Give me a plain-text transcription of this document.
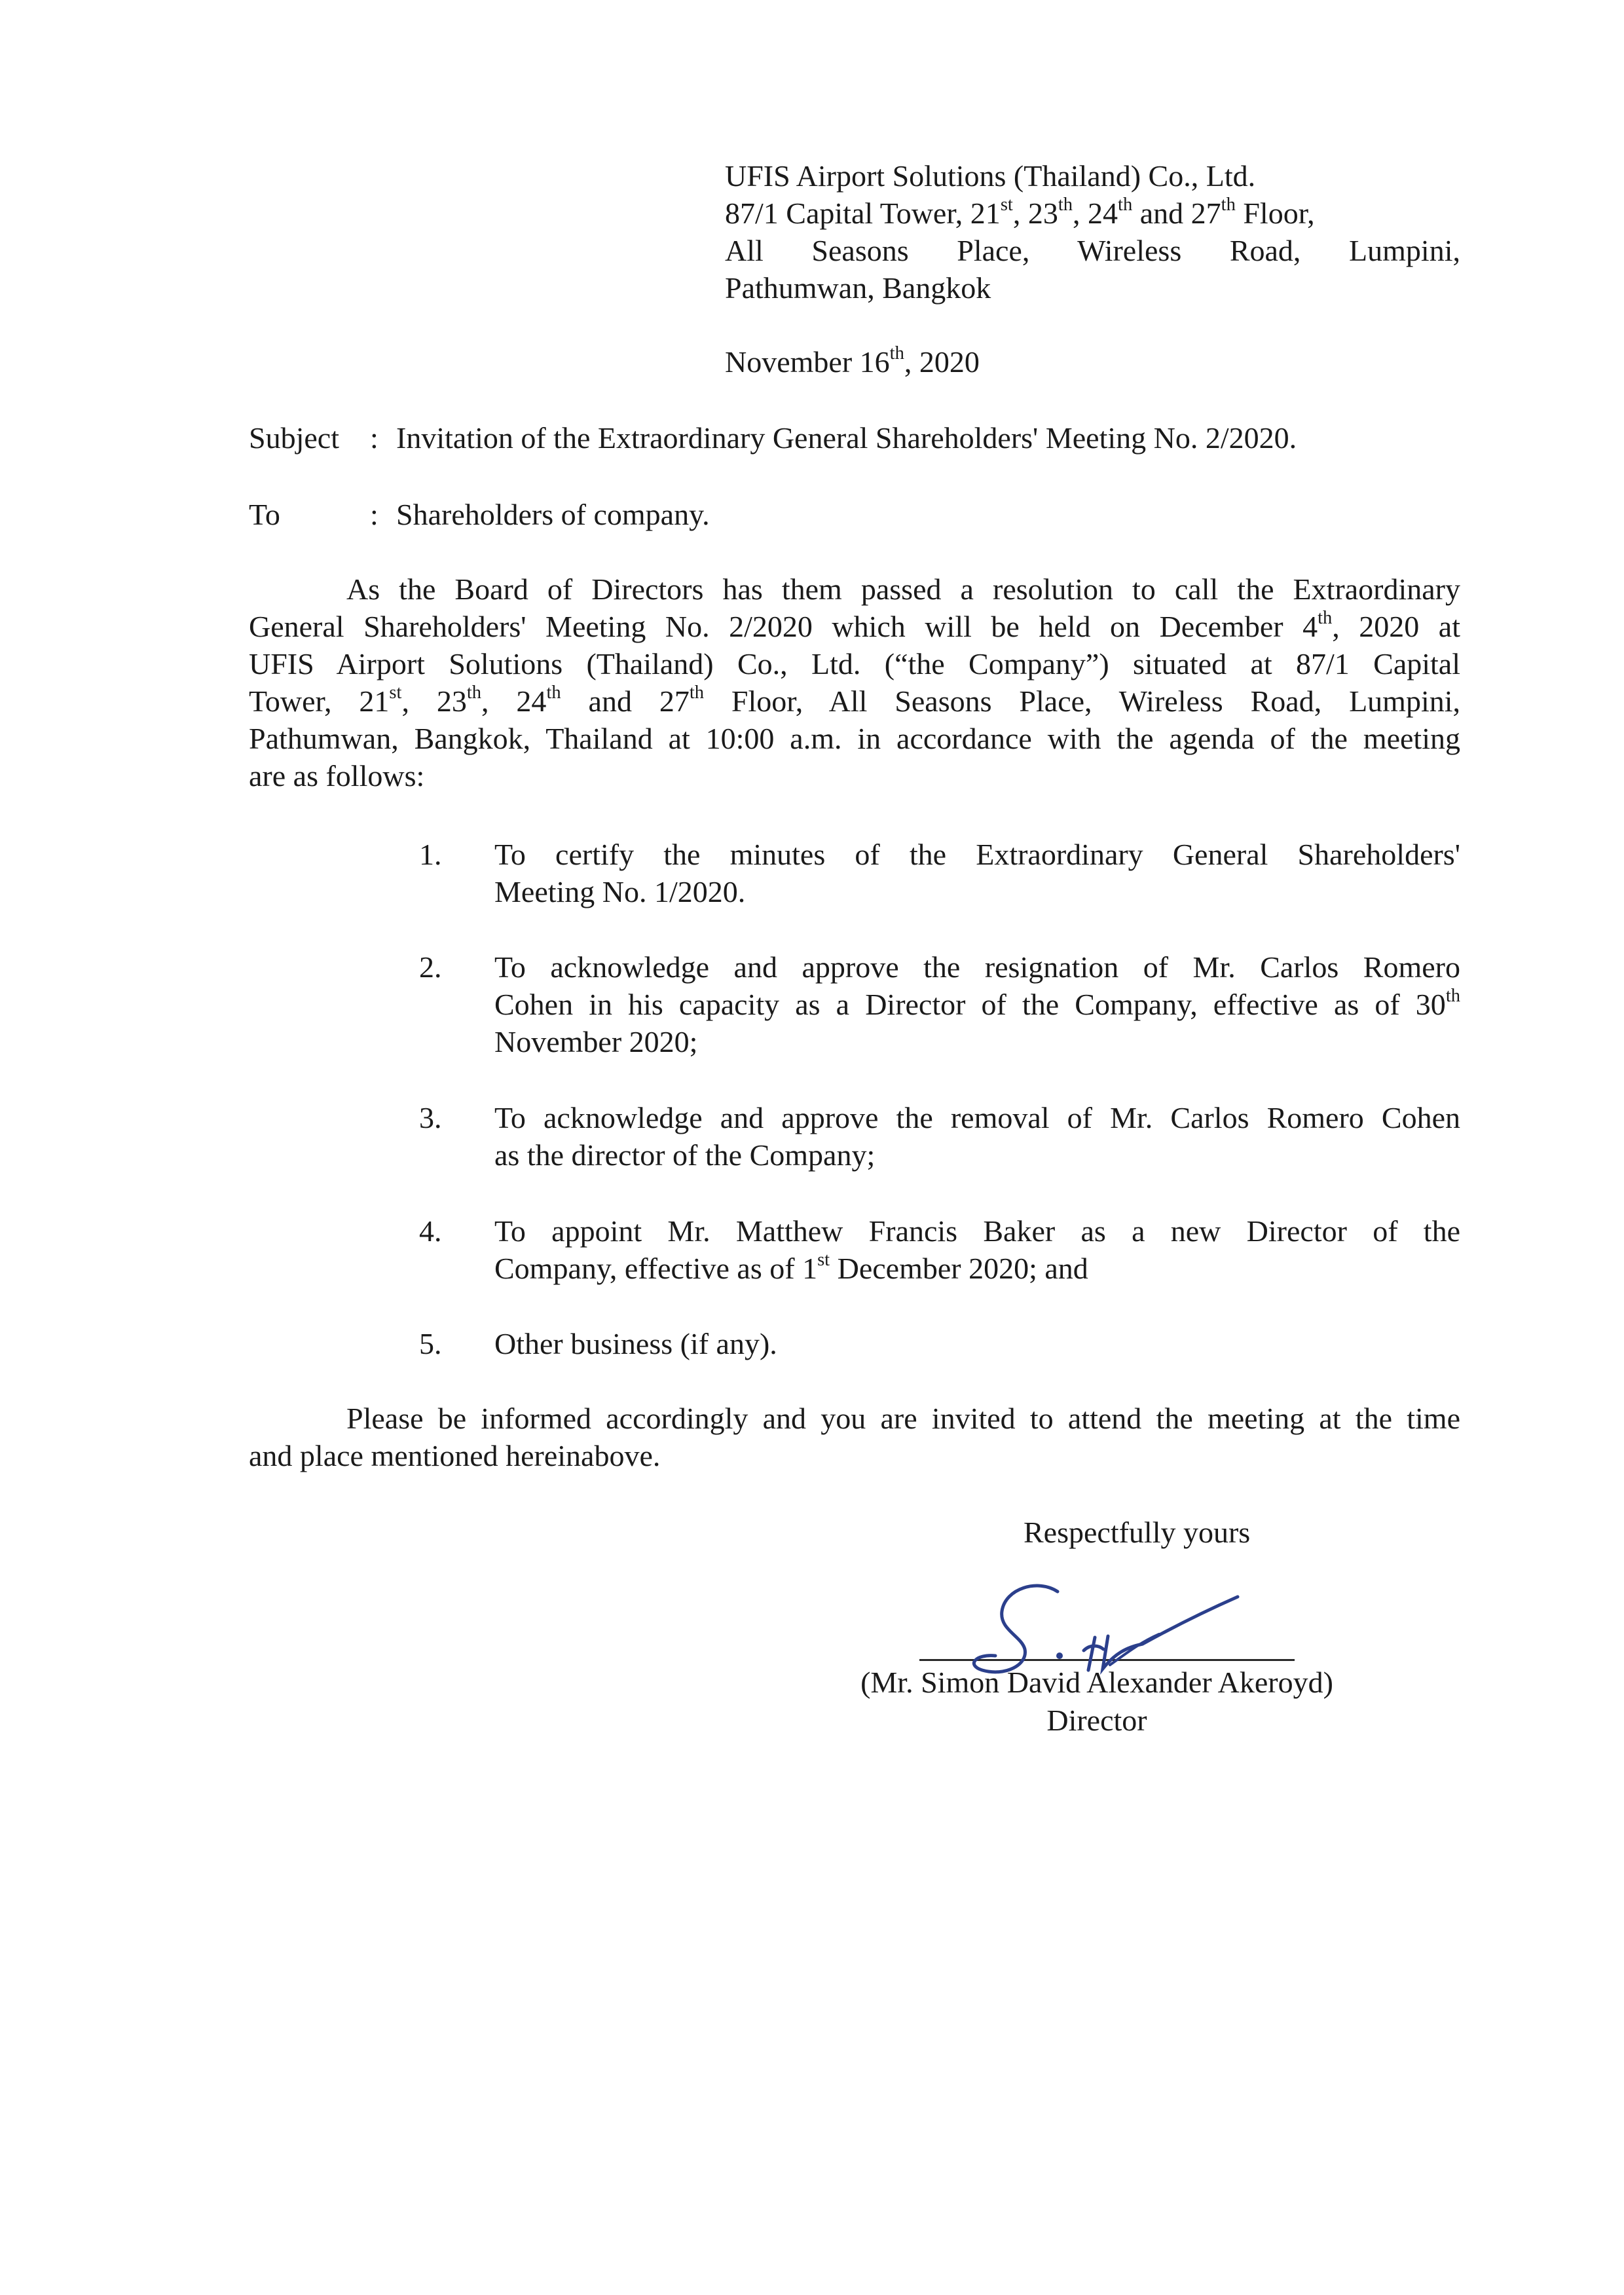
UFIS Airport Solutions (Thailand) Co., Ltd.
87/1 Capital Tower, 21st, 23th, 24th and 27th Floor,
All Seasons Place, Wireless Road, Lumpini,
Pathumwan, Bangkok
November 16th, 2020
Subject : Invitation of the Extraordinary General Shareholders' Meeting No. 2/2020.
To	: Shareholders of company.
As the Board of Directors has them passed a resolution to call the Extraordinary
General Shareholders' Meeting No. 2/2020 which will be held on December 4th, 2020 at
UFIS Airport Solutions (Thailand) Co., Ltd. (“the Company”) situated at 87/1 Capital
Tower, 21st, 23th, 24th and 27th Floor, All Seasons Place, Wireless Road, Lumpini,
Pathumwan, Bangkok, Thailand at 10:00 a.m. in accordance with the agenda of the meeting
are as follows:
1. To certify the minutes of the Extraordinary General Shareholders'
Meeting No. 1/2020.
2. To acknowledge and approve the resignation of Mr. Carlos Romero
Cohen in his capacity as a Director of the Company, effective as of 30th
November 2020;
3. To acknowledge and approve the removal of Mr. Carlos Romero Cohen
as the director of the Company;
4. To appoint Mr. Matthew Francis Baker as a new Director of the
Company, effective as of 1st December 2020; and
5. Other business (if any).
Please be informed accordingly and you are invited to attend the meeting at the time
and place mentioned hereinabove.
Respectfully yours
(Mr. Simon David Alexander Akeroyd)
Director
